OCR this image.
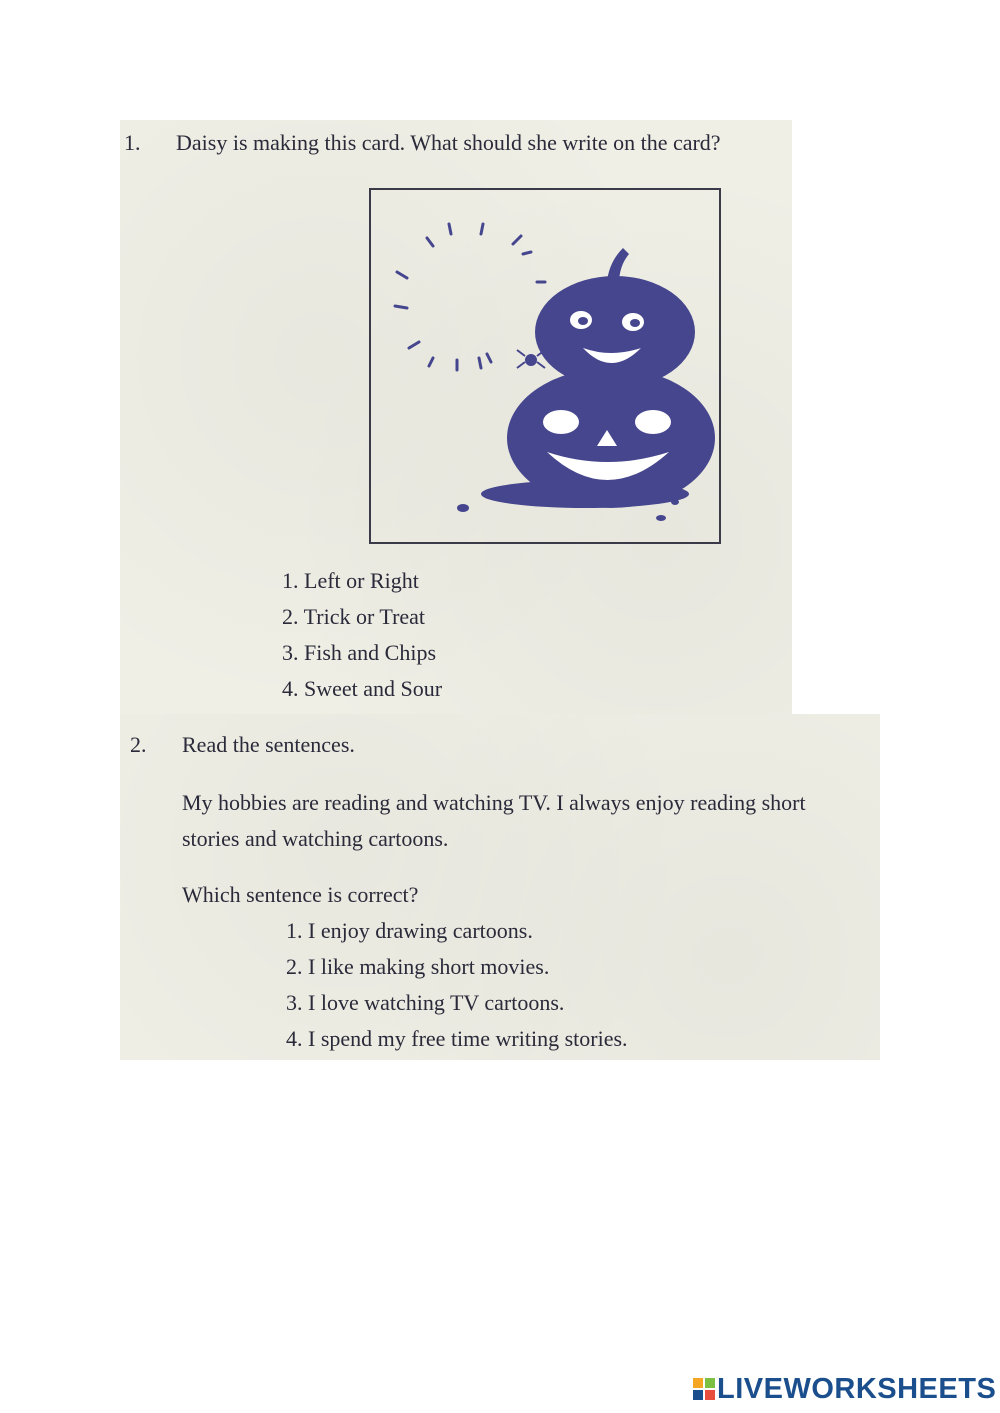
1. Daisy is making this card. What should she write on the card?
1. Left or Right
2. Trick or Treat
3. Fish and Chips
4. Sweet and Sour
2. Read the sentences.
My hobbies are reading and watching TV. I always enjoy reading short
stories and watching cartoons.
Which sentence is correct?
1. I enjoy drawing cartoons.
2. I like making short movies.
3. I love watching TV cartoons.
4. I spend my free time writing stories.
LIVEWORKSHEETS
